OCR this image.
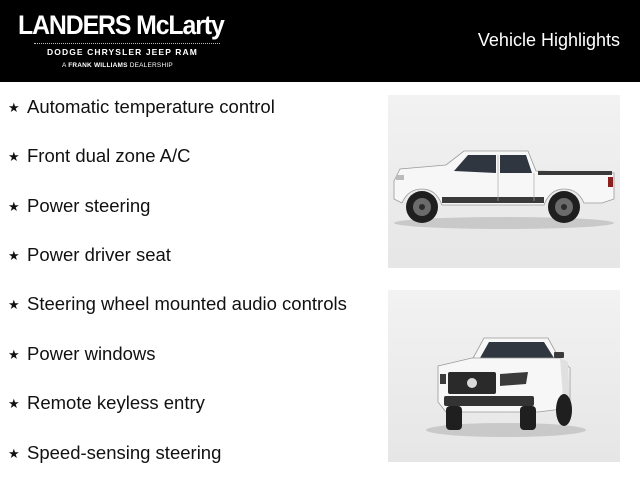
LANDERS McLarty
DODGE CHRYSLER JEEP RAM
A FRANK WILLIAMS DEALERSHIP
Vehicle Highlights
★ Automatic temperature control
★ Front dual zone A/C
★ Power steering
★ Power driver seat
★ Steering wheel mounted audio controls
★ Power windows
★ Remote keyless entry
★ Speed-sensing steering
